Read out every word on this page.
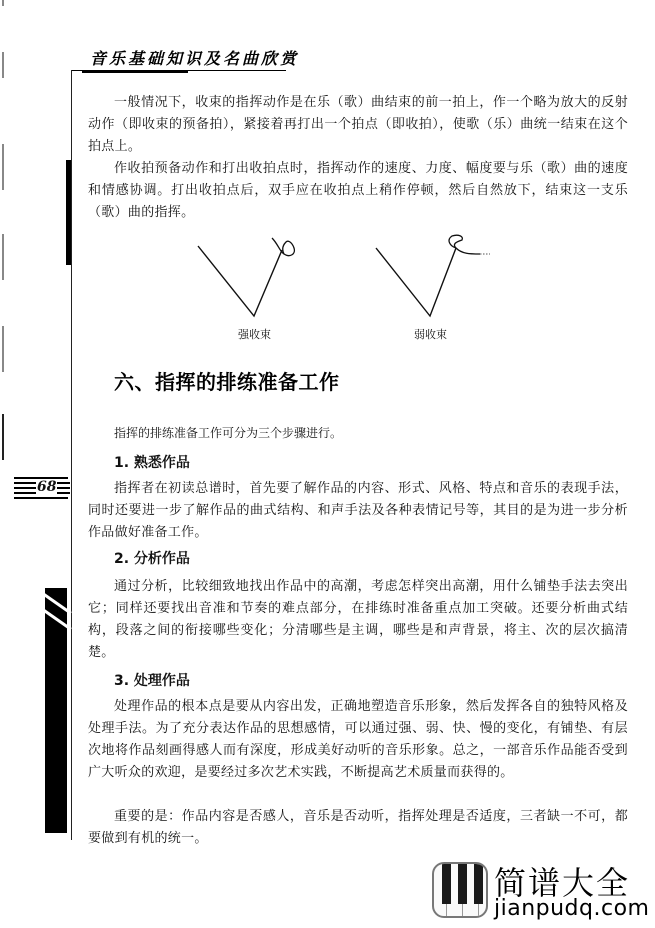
音乐基础知识及名曲欣赏
68

一般情况下，收束的指挥动作是在乐（歌）曲结束的前一拍上，作一个略为放大的反射动作（即收束的预备拍），紧接着再打出一个拍点（即收拍），使歌（乐）曲统一结束在这个拍点上。

作收拍预备动作和打出收拍点时，指挥动作的速度、力度、幅度要与乐（歌）曲的速度和情感协调。打出收拍点后，双手应在收拍点上稍作停顿，然后自然放下，结束这一支乐（歌）曲的指挥。

强收束	弱收束
六、指挥的排练准备工作

指挥的排练准备工作可分为三个步骤进行。

1. 熟悉作品

指挥者在初读总谱时，首先要了解作品的内容、形式、风格、特点和音乐的表现手法，同时还要进一步了解作品的曲式结构、和声手法及各种表情记号等，其目的是为进一步分析作品做好准备工作。

2. 分析作品

通过分析，比较细致地找出作品中的高潮，考虑怎样突出高潮，用什么铺垫手法去突出它；同样还要找出音准和节奏的难点部分，在排练时准备重点加工突破。还要分析曲式结构，段落之间的衔接哪些变化；分清哪些是主调，哪些是和声背景，将主、次的层次搞清楚。

3. 处理作品

处理作品的根本点是要从内容出发，正确地塑造音乐形象，然后发挥各自的独特风格及处理手法。为了充分表达作品的思想感情，可以通过强、弱、快、慢的变化，有铺垫、有层次地将作品刻画得感人而有深度，形成美好动听的音乐形象。总之，一部音乐作品能否受到广大听众的欢迎，是要经过多次艺术实践，不断提高艺术质量而获得的。

重要的是：作品内容是否感人，音乐是否动听，指挥处理是否适度，三者缺一不可，都要做到有机的统一。

简谱大全
jianpudq.com
